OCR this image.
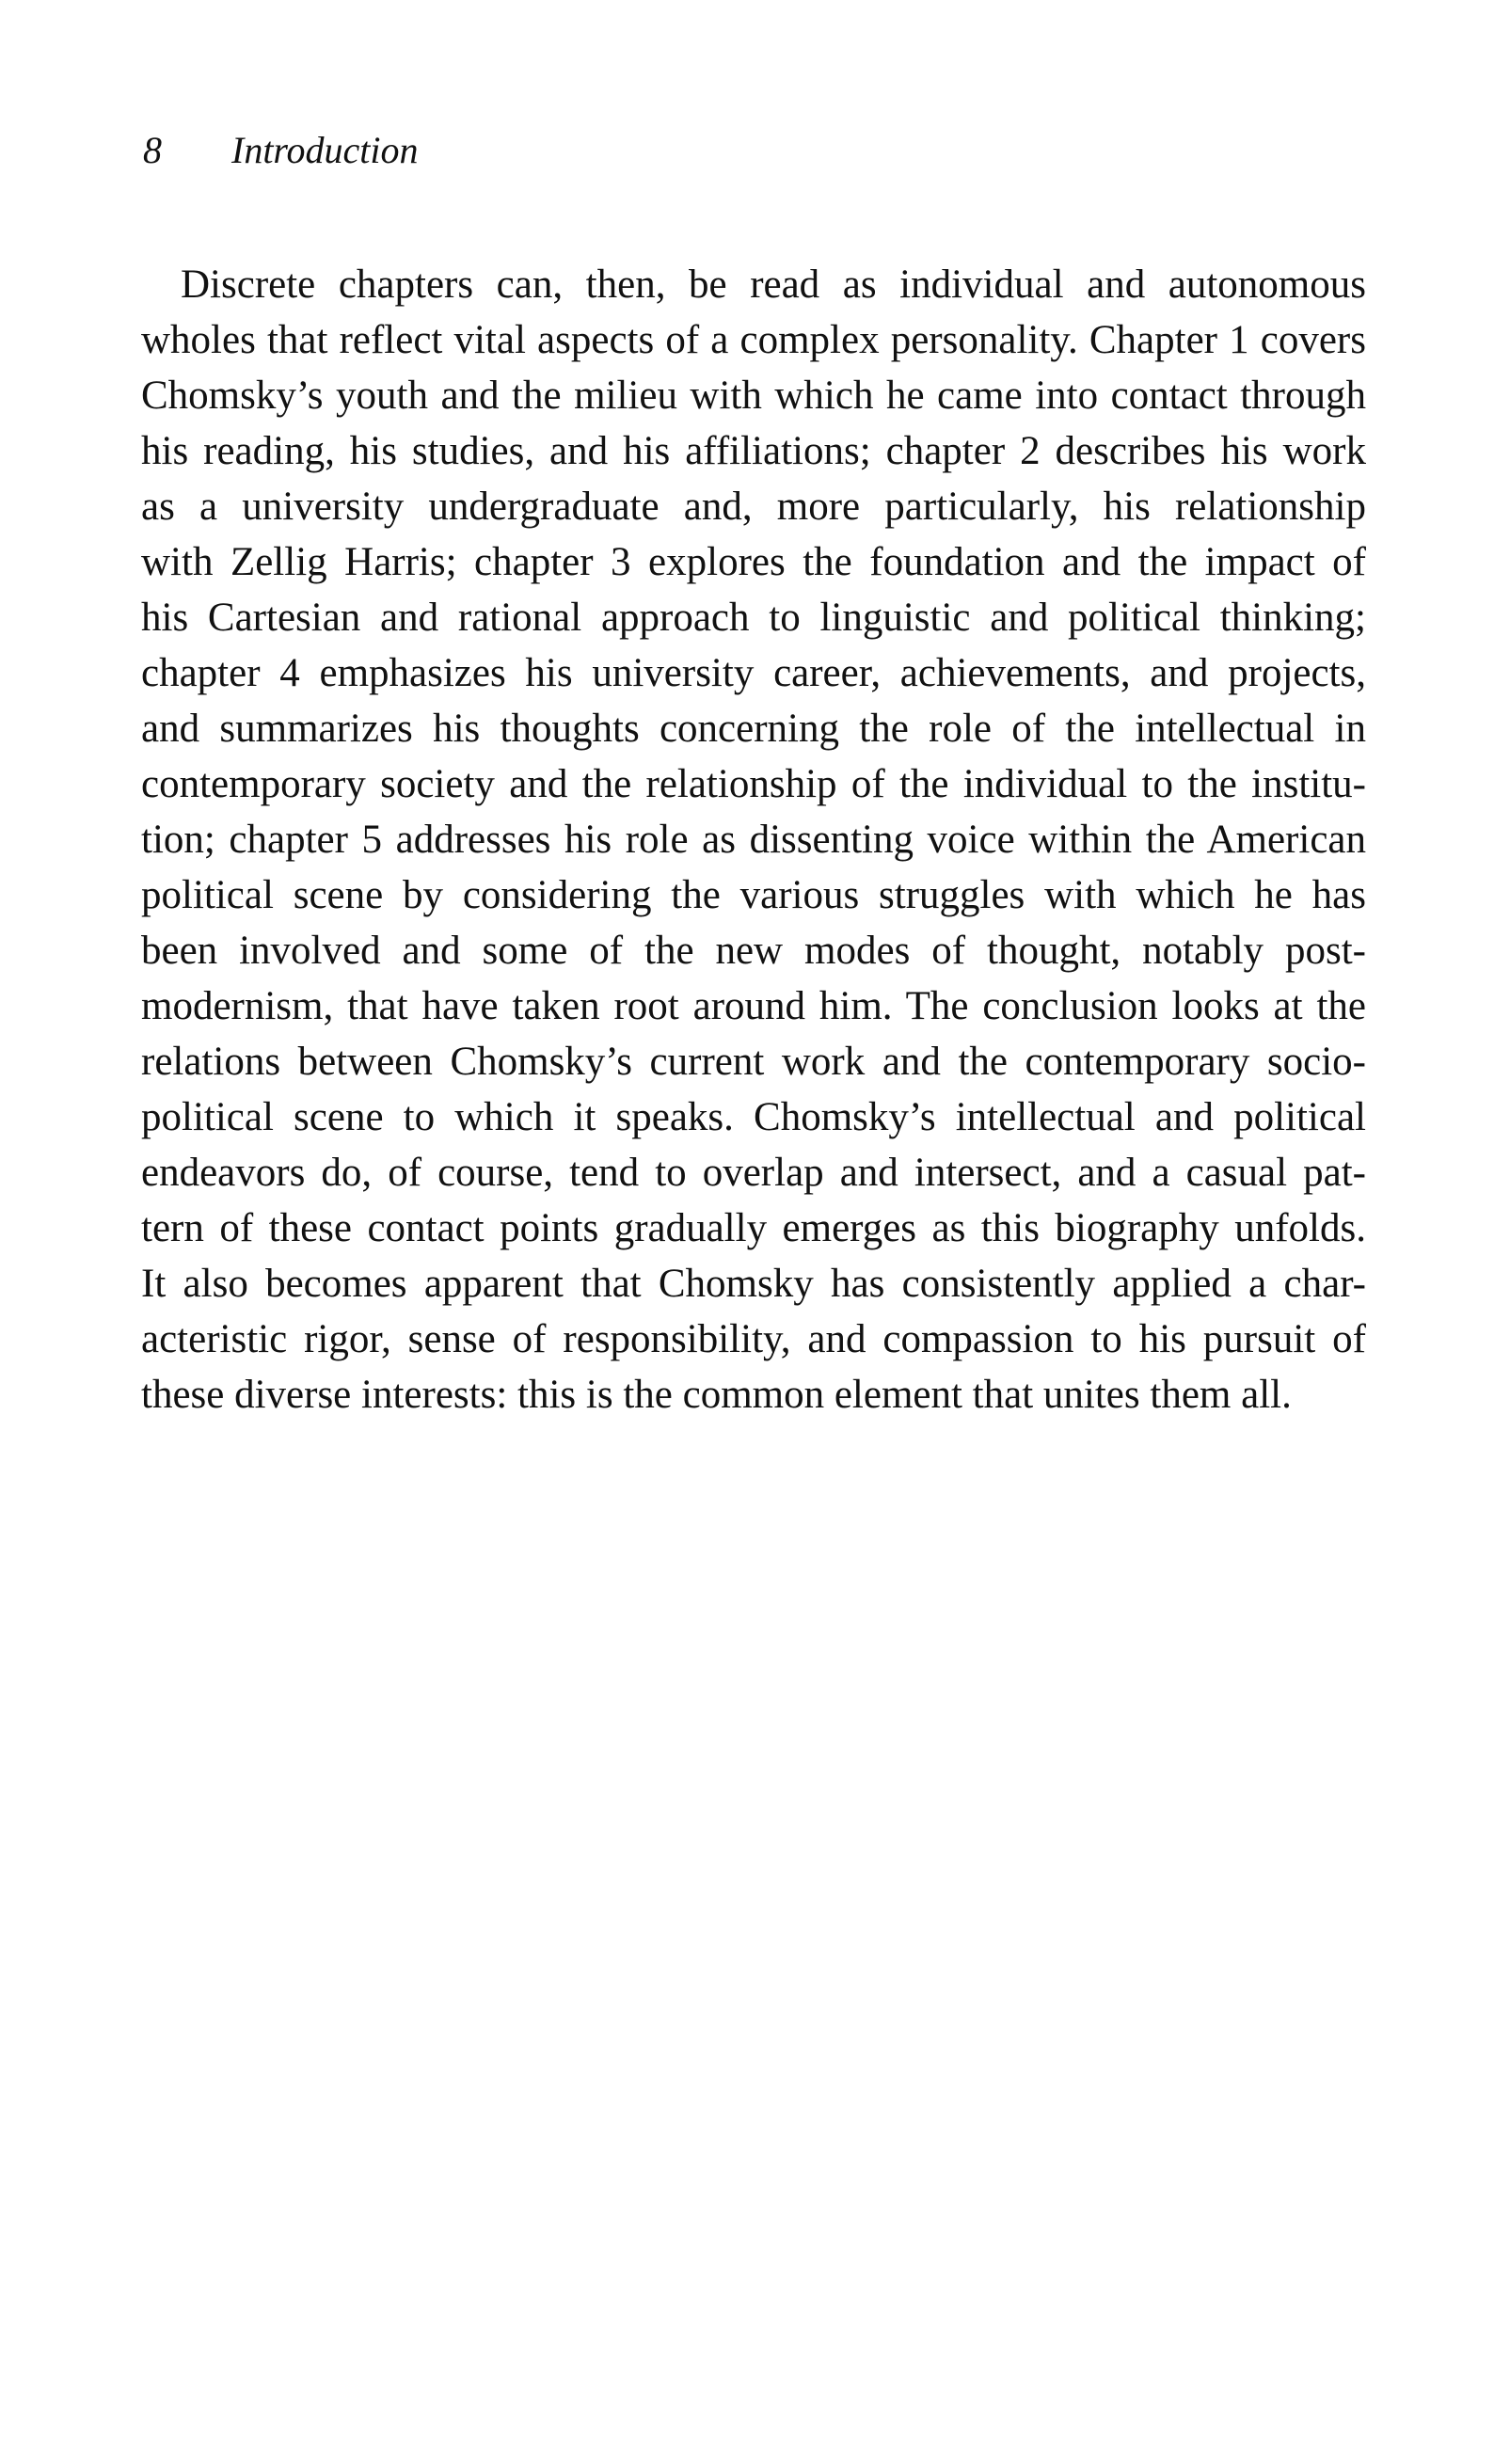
8	Introduction
Discrete chapters can, then, be read as individual and autonomous
wholes that reflect vital aspects of a complex personality. Chapter 1 covers
Chomsky’s youth and the milieu with which he came into contact through
his reading, his studies, and his affiliations; chapter 2 describes his work
as a university undergraduate and, more particularly, his relationship
with Zellig Harris; chapter 3 explores the foundation and the impact of
his Cartesian and rational approach to linguistic and political thinking;
chapter 4 emphasizes his university career, achievements, and projects,
and summarizes his thoughts concerning the role of the intellectual in
contemporary society and the relationship of the individual to the institu-
tion; chapter 5 addresses his role as dissenting voice within the American
political scene by considering the various struggles with which he has
been involved and some of the new modes of thought, notably post-
modernism, that have taken root around him. The conclusion looks at the
relations between Chomsky’s current work and the contemporary socio-
political scene to which it speaks. Chomsky’s intellectual and political
endeavors do, of course, tend to overlap and intersect, and a casual pat-
tern of these contact points gradually emerges as this biography unfolds.
It also becomes apparent that Chomsky has consistently applied a char-
acteristic rigor, sense of responsibility, and compassion to his pursuit of
these diverse interests: this is the common element that unites them all.
